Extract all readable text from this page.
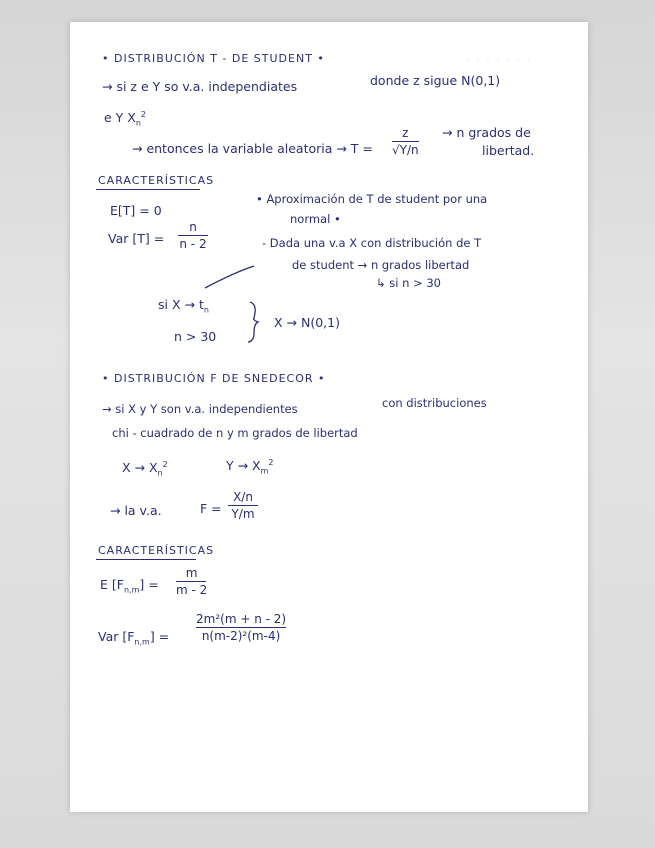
· · · · · · ·
• DISTRIBUCIÓN T - DE STUDENT •
→ si z e Y so v.a. independiates	donde z sigue N(0,1)
e Y $X_n^2$
→ entonces la variable aleatoria → T =
z
√Y/n
→ n grados de
libertad.
CARACTERÍSTICAS
E[T] = 0
Var [T] =
n
n - 2
• Aproximación de T de student por una
normal •
- Dada una v.a X con distribución de T
de student → n grados libertad
↳ si n > 30
si $X \to t_n$
n > 30
X → N(0,1)
• DISTRIBUCIÓN F DE SNEDECOR •
→ si X y Y son v.a. independientes	con distribuciones
chi - cuadrado de n y m grados de libertad
$X \to X_n^2$	$Y \to X_m^2$
→ la v.a.	F =
X/n
Y/m
CARACTERÍSTICAS
E $[F_{n,m}]$ =
m
m - 2
Var $[F_{n,m}]$ =
2m²(m + n - 2)
n(m-2)²(m-4)
